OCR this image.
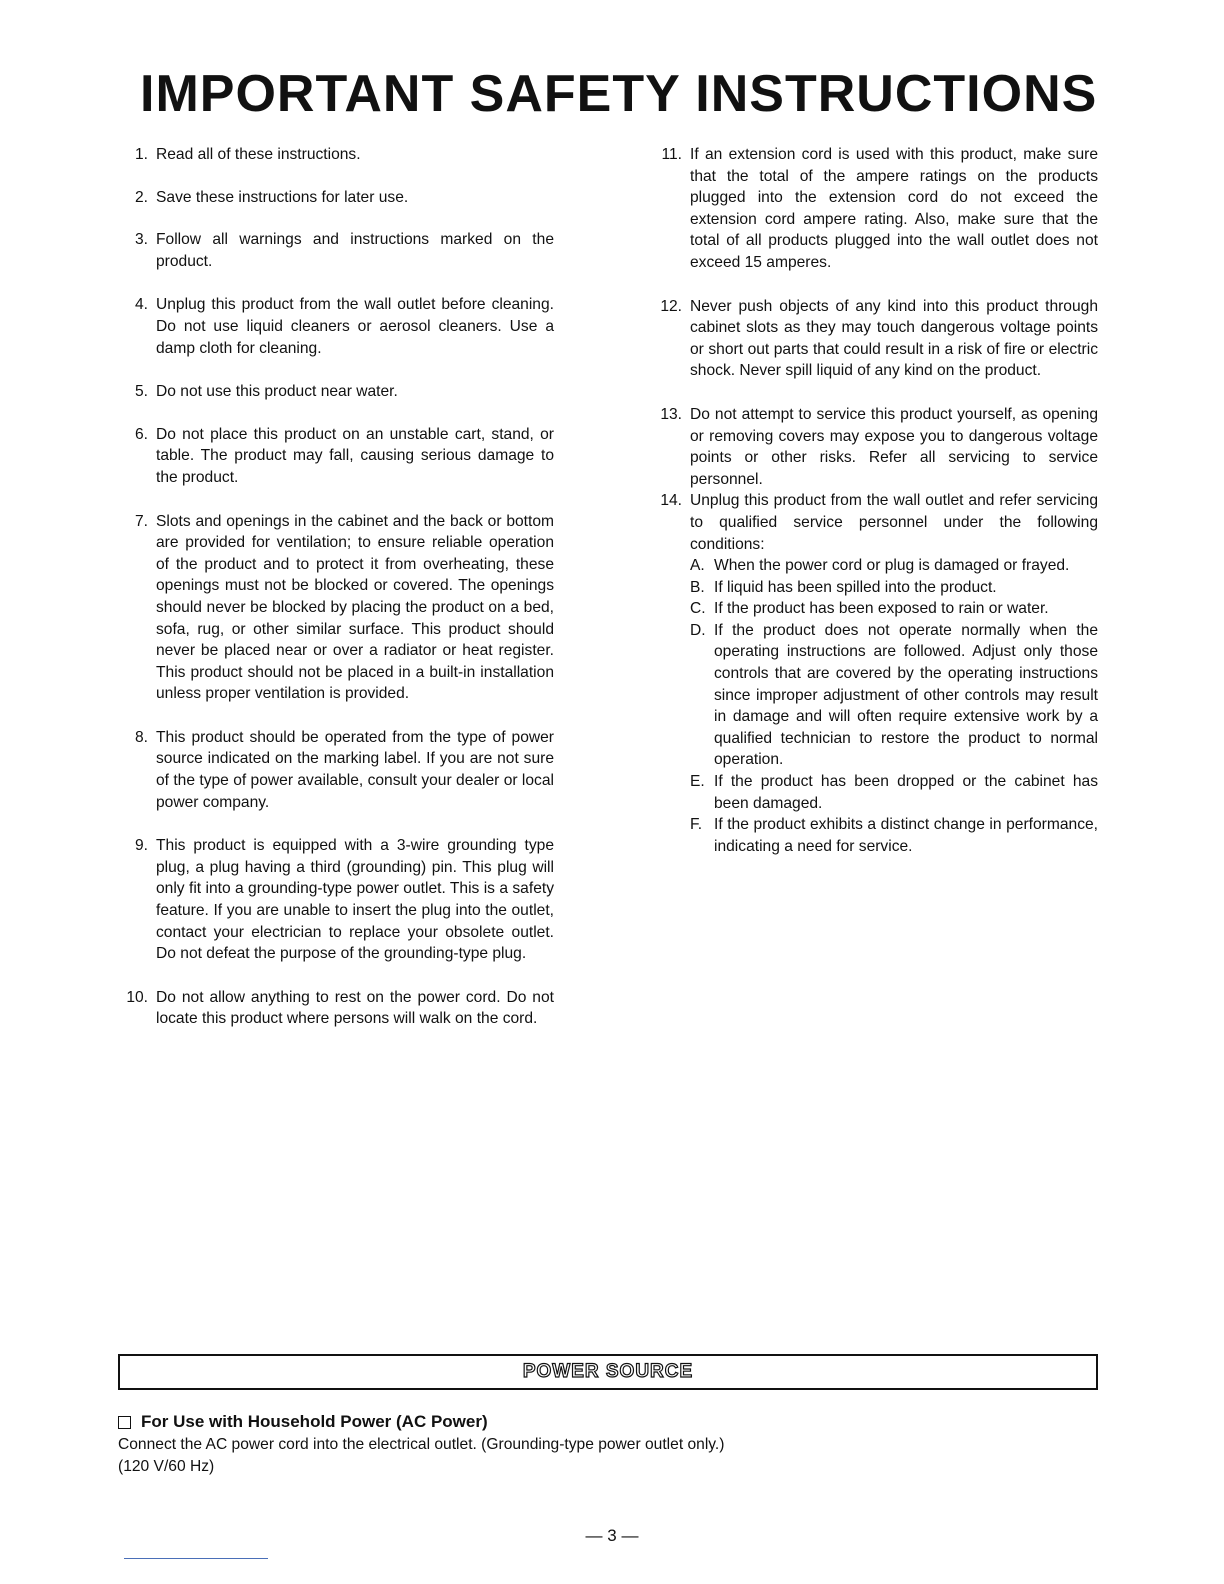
IMPORTANT SAFETY INSTRUCTIONS
1. Read all of these instructions.
2. Save these instructions for later use.
3. Follow all warnings and instructions marked on the product.
4. Unplug this product from the wall outlet before cleaning. Do not use liquid cleaners or aerosol cleaners. Use a damp cloth for cleaning.
5. Do not use this product near water.
6. Do not place this product on an unstable cart, stand, or table. The product may fall, causing serious damage to the product.
7. Slots and openings in the cabinet and the back or bottom are provided for ventilation; to ensure reliable operation of the product and to protect it from overheating, these openings must not be blocked or covered. The openings should never be blocked by placing the product on a bed, sofa, rug, or other similar surface. This product should never be placed near or over a radiator or heat register. This product should not be placed in a built-in installation unless proper ventilation is provided.
8. This product should be operated from the type of power source indicated on the marking label. If you are not sure of the type of power available, consult your dealer or local power company.
9. This product is equipped with a 3-wire grounding type plug, a plug having a third (grounding) pin. This plug will only fit into a grounding-type power outlet. This is a safety feature. If you are unable to insert the plug into the outlet, contact your electrician to replace your obsolete outlet. Do not defeat the purpose of the grounding-type plug.
10. Do not allow anything to rest on the power cord. Do not locate this product where persons will walk on the cord.
11. If an extension cord is used with this product, make sure that the total of the ampere ratings on the products plugged into the extension cord do not exceed the extension cord ampere rating. Also, make sure that the total of all products plugged into the wall outlet does not exceed 15 amperes.
12. Never push objects of any kind into this product through cabinet slots as they may touch dangerous voltage points or short out parts that could result in a risk of fire or electric shock. Never spill liquid of any kind on the product.
13. Do not attempt to service this product yourself, as opening or removing covers may expose you to dangerous voltage points or other risks. Refer all servicing to service personnel.
14. Unplug this product from the wall outlet and refer servicing to qualified service personnel under the following conditions:
A. When the power cord or plug is damaged or frayed.
B. If liquid has been spilled into the product.
C. If the product has been exposed to rain or water.
D. If the product does not operate normally when the operating instructions are followed. Adjust only those controls that are covered by the operating instructions since improper adjustment of other controls may result in damage and will often require extensive work by a qualified technician to restore the product to normal operation.
E. If the product has been dropped or the cabinet has been damaged.
F. If the product exhibits a distinct change in performance, indicating a need for service.
POWER SOURCE
For Use with Household Power (AC Power)

Connect the AC power cord into the electrical outlet. (Grounding-type power outlet only.)

(120 V/60 Hz)

— 3 —
